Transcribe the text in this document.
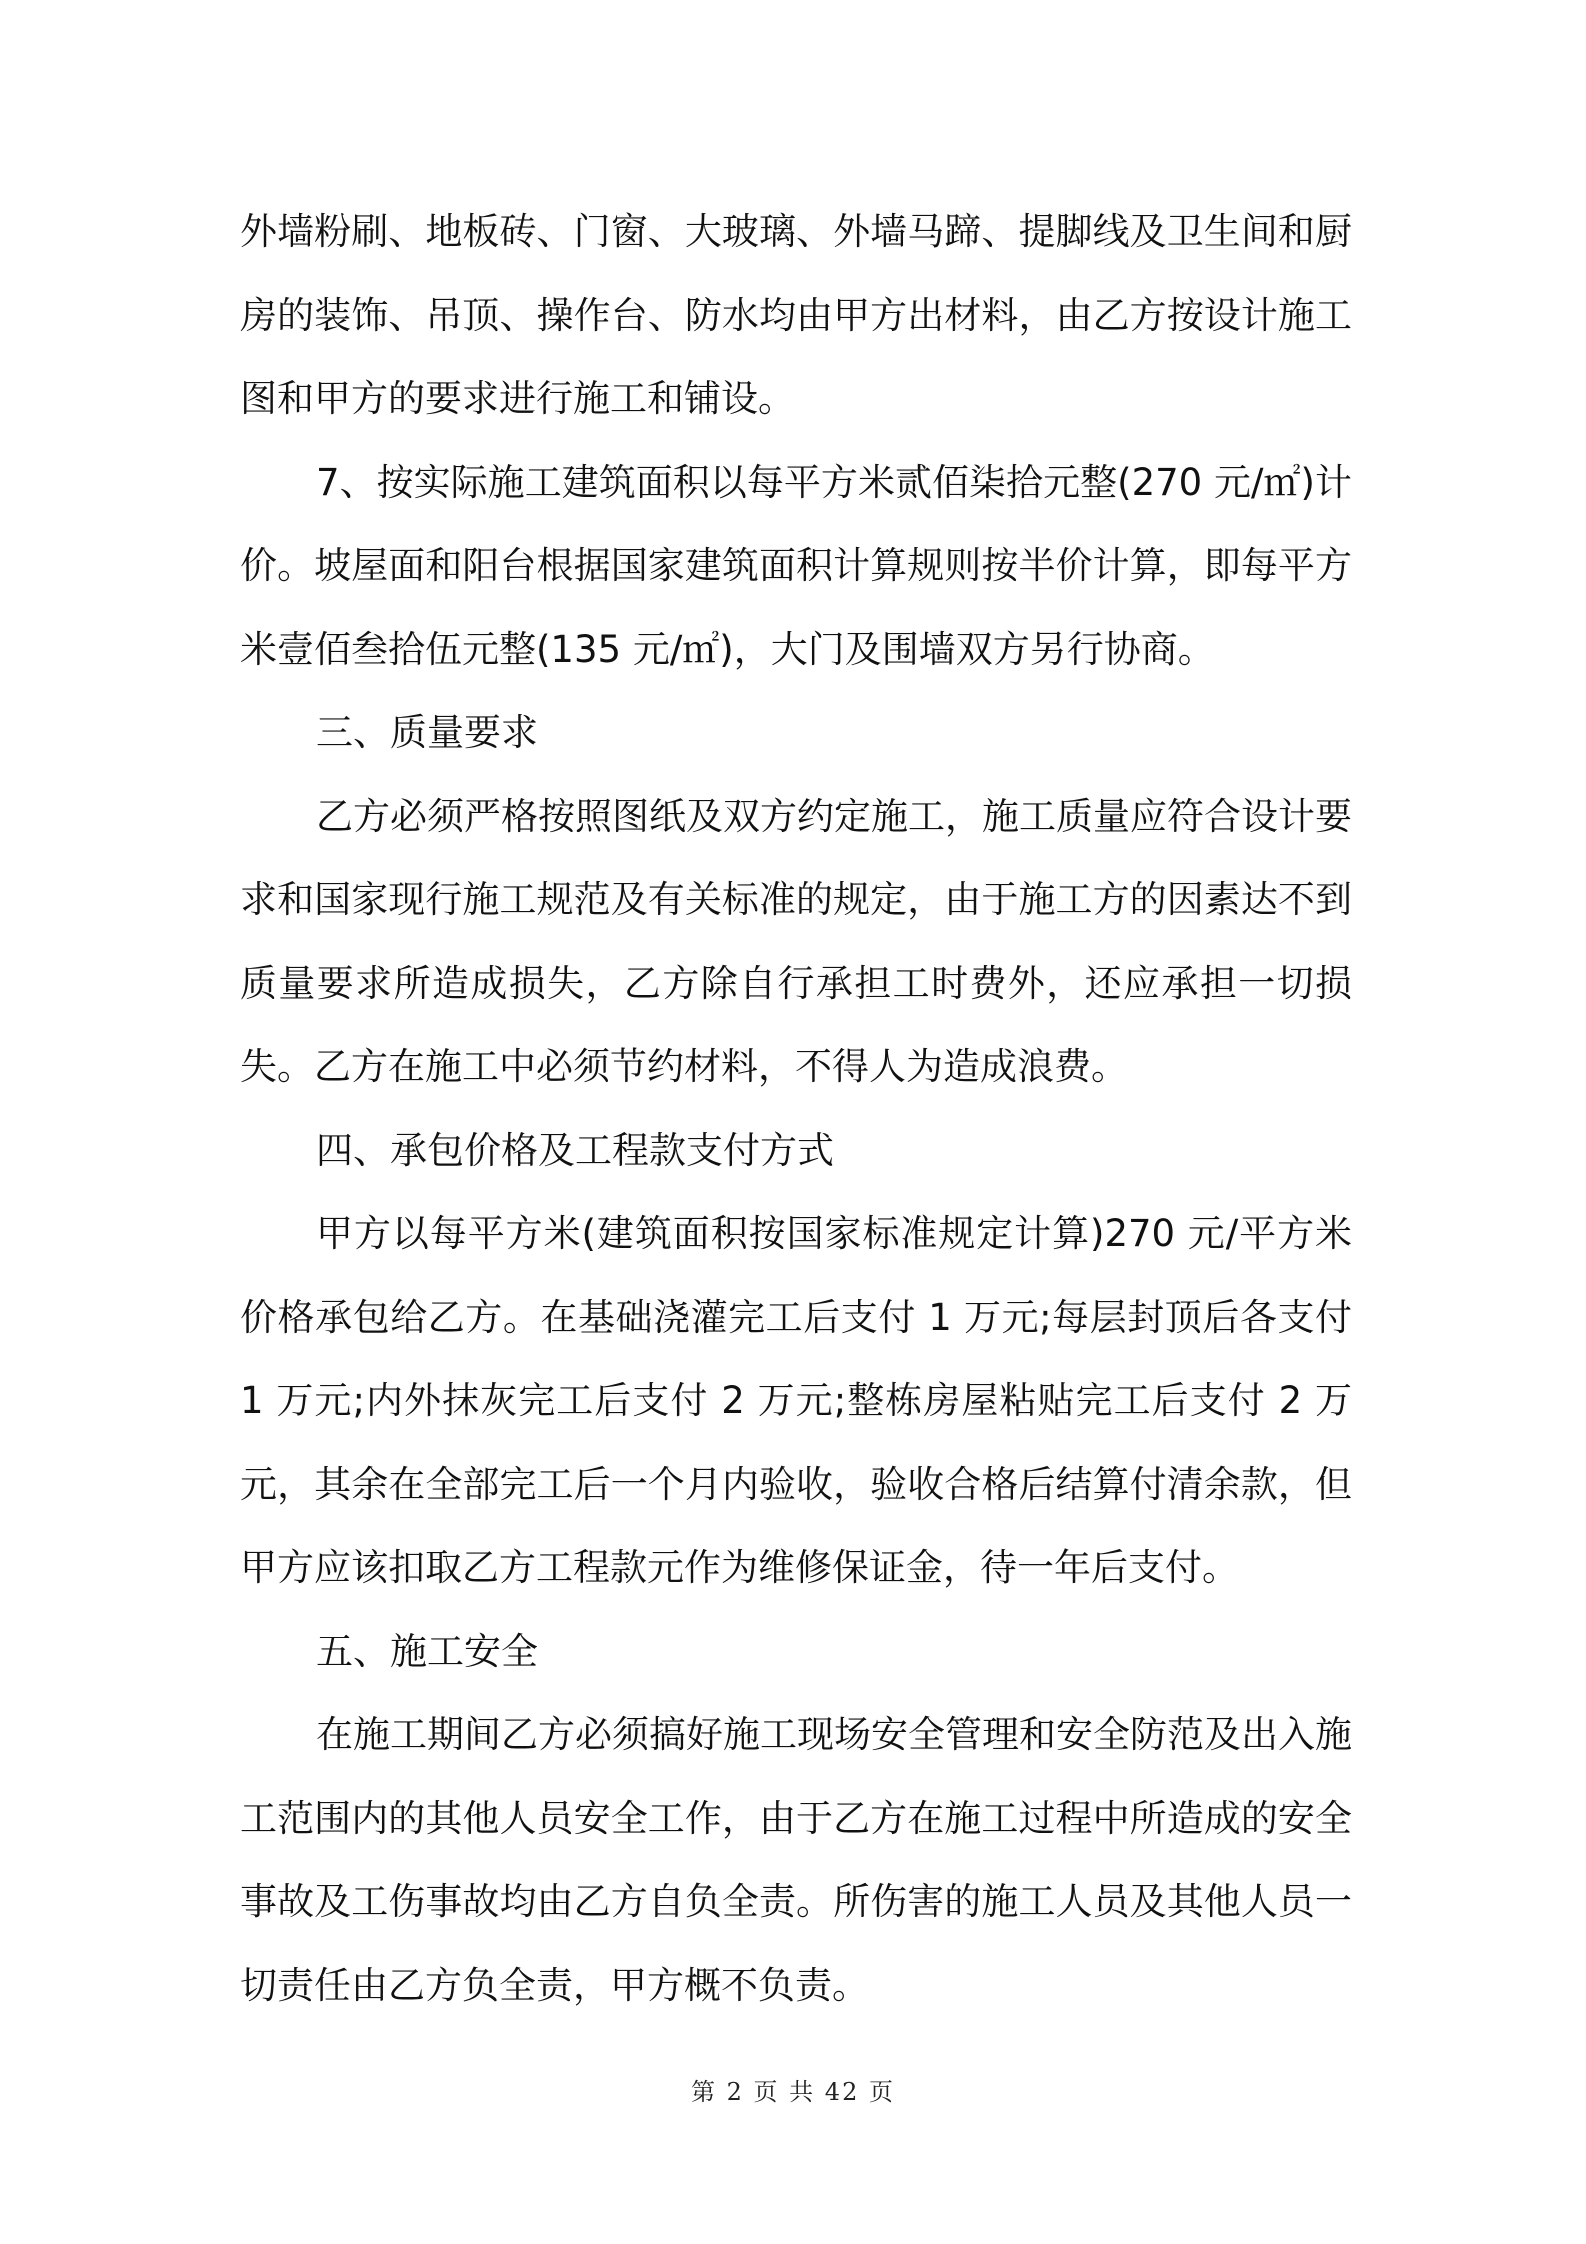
外墙粉刷、地板砖、门窗、大玻璃、外墙马蹄、提脚线及卫生间和厨房的装饰、吊顶、操作台、防水均由甲方出材料，由乙方按设计施工图和甲方的要求进行施工和铺设。

7、按实际施工建筑面积以每平方米贰佰柒拾元整(270 元/㎡)计价。坡屋面和阳台根据国家建筑面积计算规则按半价计算，即每平方米壹佰叁拾伍元整(135 元/㎡)，大门及围墙双方另行协商。

三、质量要求

乙方必须严格按照图纸及双方约定施工，施工质量应符合设计要求和国家现行施工规范及有关标准的规定，由于施工方的因素达不到质量要求所造成损失，乙方除自行承担工时费外，还应承担一切损失。乙方在施工中必须节约材料，不得人为造成浪费。

四、承包价格及工程款支付方式

甲方以每平方米(建筑面积按国家标准规定计算)270 元/平方米价格承包给乙方。在基础浇灌完工后支付 1 万元;每层封顶后各支付 1 万元;内外抹灰完工后支付 2 万元;整栋房屋粘贴完工后支付 2 万元，其余在全部完工后一个月内验收，验收合格后结算付清余款，但甲方应该扣取乙方工程款元作为维修保证金，待一年后支付。

五、施工安全

在施工期间乙方必须搞好施工现场安全管理和安全防范及出入施工范围内的其他人员安全工作，由于乙方在施工过程中所造成的安全事故及工伤事故均由乙方自负全责。所伤害的施工人员及其他人员一切责任由乙方负全责，甲方概不负责。

第 2 页 共 42 页
